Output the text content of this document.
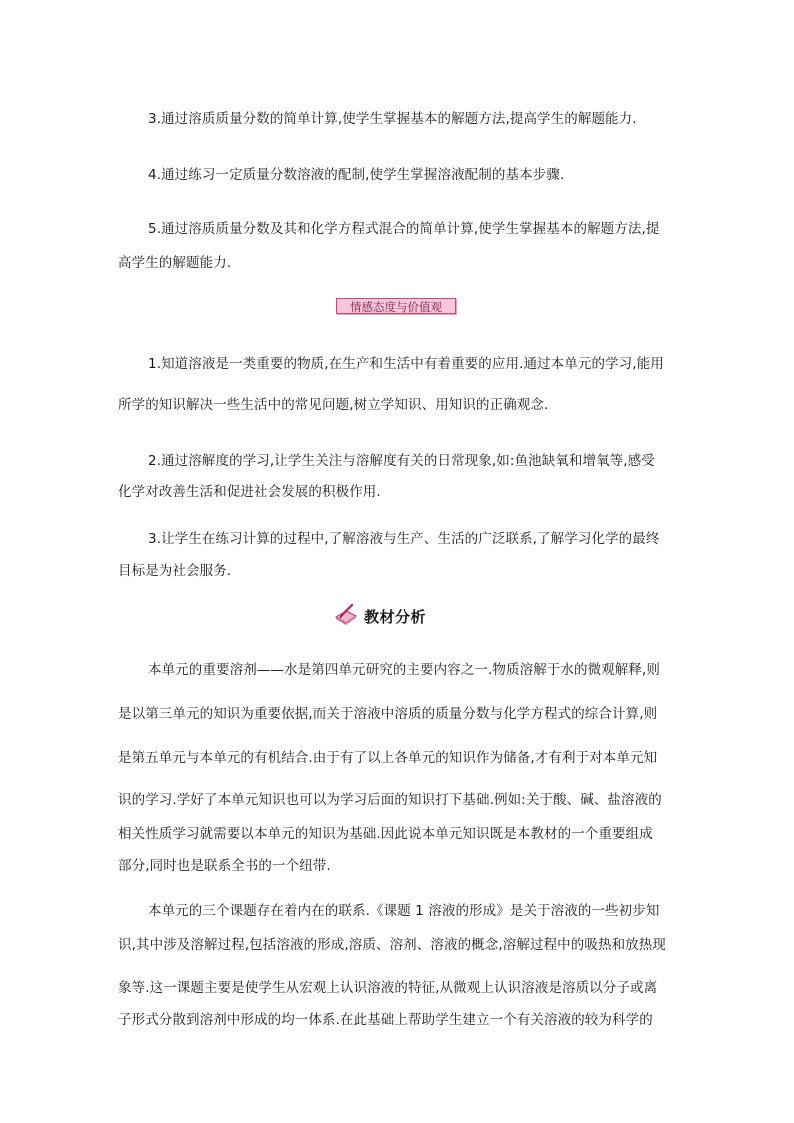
3.通过溶质质量分数的简单计算,使学生掌握基本的解题方法,提高学生的解题能力.
4.通过练习一定质量分数溶液的配制,使学生掌握溶液配制的基本步骤.
5.通过溶质质量分数及其和化学方程式混合的简单计算,使学生掌握基本的解题方法,提
高学生的解题能力.
情感态度与价值观
1.知道溶液是一类重要的物质,在生产和生活中有着重要的应用.通过本单元的学习,能用
所学的知识解决一些生活中的常见问题,树立学知识、用知识的正确观念.
2.通过溶解度的学习,让学生关注与溶解度有关的日常现象,如:鱼池缺氧和增氧等,感受
化学对改善生活和促进社会发展的积极作用.
3.让学生在练习计算的过程中,了解溶液与生产、生活的广泛联系,了解学习化学的最终
目标是为社会服务.
教材分析
本单元的重要溶剂——水是第四单元研究的主要内容之一.物质溶解于水的微观解释,则
是以第三单元的知识为重要依据,而关于溶液中溶质的质量分数与化学方程式的综合计算,则
是第五单元与本单元的有机结合.由于有了以上各单元的知识作为储备,才有利于对本单元知
识的学习.学好了本单元知识也可以为学习后面的知识打下基础.例如:关于酸、碱、盐溶液的
相关性质学习就需要以本单元的知识为基础.因此说本单元知识既是本教材的一个重要组成
部分,同时也是联系全书的一个纽带.
本单元的三个课题存在着内在的联系.《课题 1 溶液的形成》是关于溶液的一些初步知
识,其中涉及溶解过程,包括溶液的形成,溶质、溶剂、溶液的概念,溶解过程中的吸热和放热现
象等.这一课题主要是使学生从宏观上认识溶液的特征,从微观上认识溶液是溶质以分子或离
子形式分散到溶剂中形成的均一体系.在此基础上帮助学生建立一个有关溶液的较为科学的
